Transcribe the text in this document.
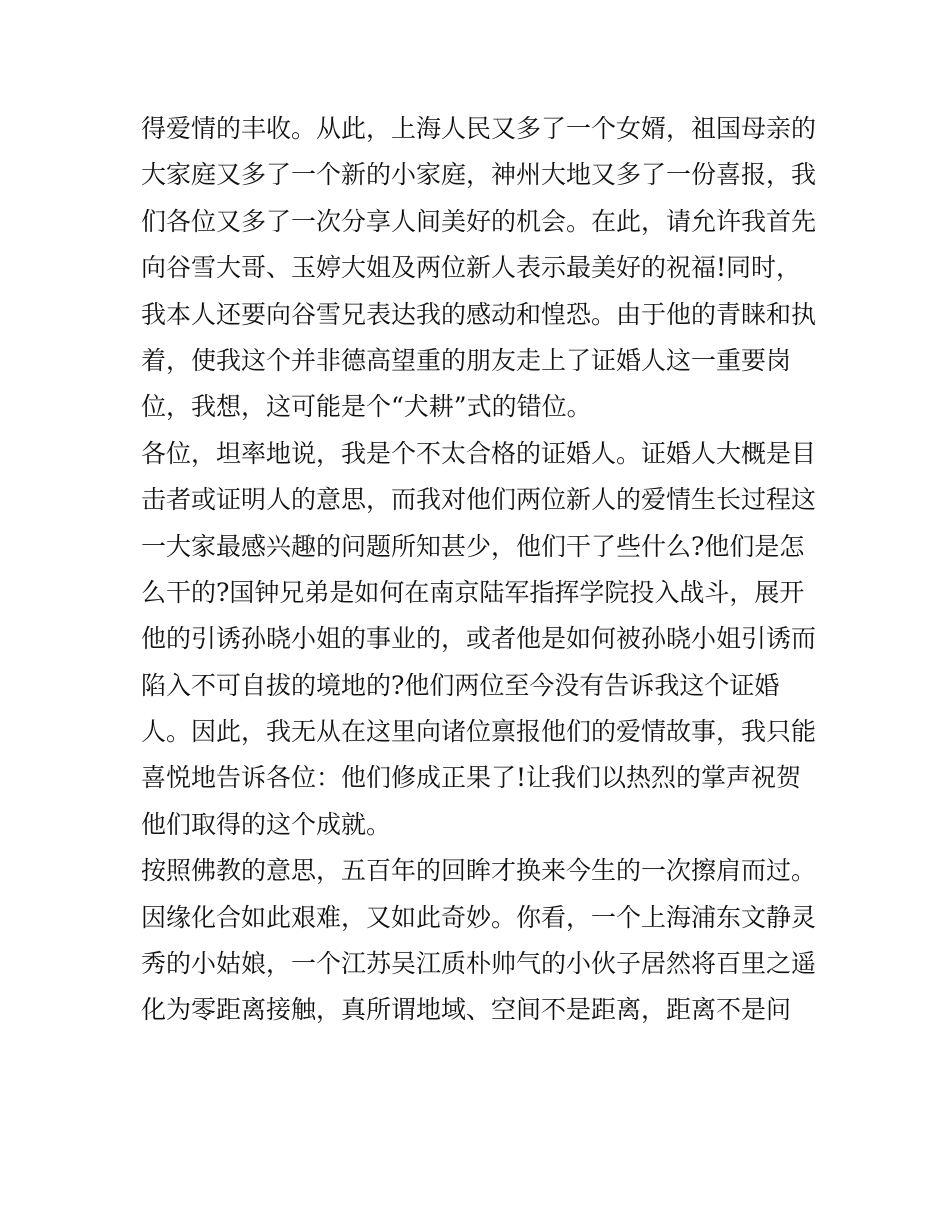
得爱情的丰收。从此，上海人民又多了一个女婿，祖国母亲的
大家庭又多了一个新的小家庭，神州大地又多了一份喜报，我
们各位又多了一次分享人间美好的机会。在此，请允许我首先
向谷雪大哥、玉婷大姐及两位新人表示最美好的祝福!同时，
我本人还要向谷雪兄表达我的感动和惶恐。由于他的青睐和执
着，使我这个并非德高望重的朋友走上了证婚人这一重要岗
位，我想，这可能是个“犬耕”式的错位。
各位，坦率地说，我是个不太合格的证婚人。证婚人大概是目
击者或证明人的意思，而我对他们两位新人的爱情生长过程这
一大家最感兴趣的问题所知甚少，他们干了些什么?他们是怎
么干的?国钟兄弟是如何在南京陆军指挥学院投入战斗，展开
他的引诱孙晓小姐的事业的，或者他是如何被孙晓小姐引诱而
陷入不可自拔的境地的?他们两位至今没有告诉我这个证婚
人。因此，我无从在这里向诸位禀报他们的爱情故事，我只能
喜悦地告诉各位：他们修成正果了!让我们以热烈的掌声祝贺
他们取得的这个成就。
按照佛教的意思，五百年的回眸才换来今生的一次擦肩而过。
因缘化合如此艰难，又如此奇妙。你看，一个上海浦东文静灵
秀的小姑娘，一个江苏吴江质朴帅气的小伙子居然将百里之遥
化为零距离接触，真所谓地域、空间不是距离，距离不是问
